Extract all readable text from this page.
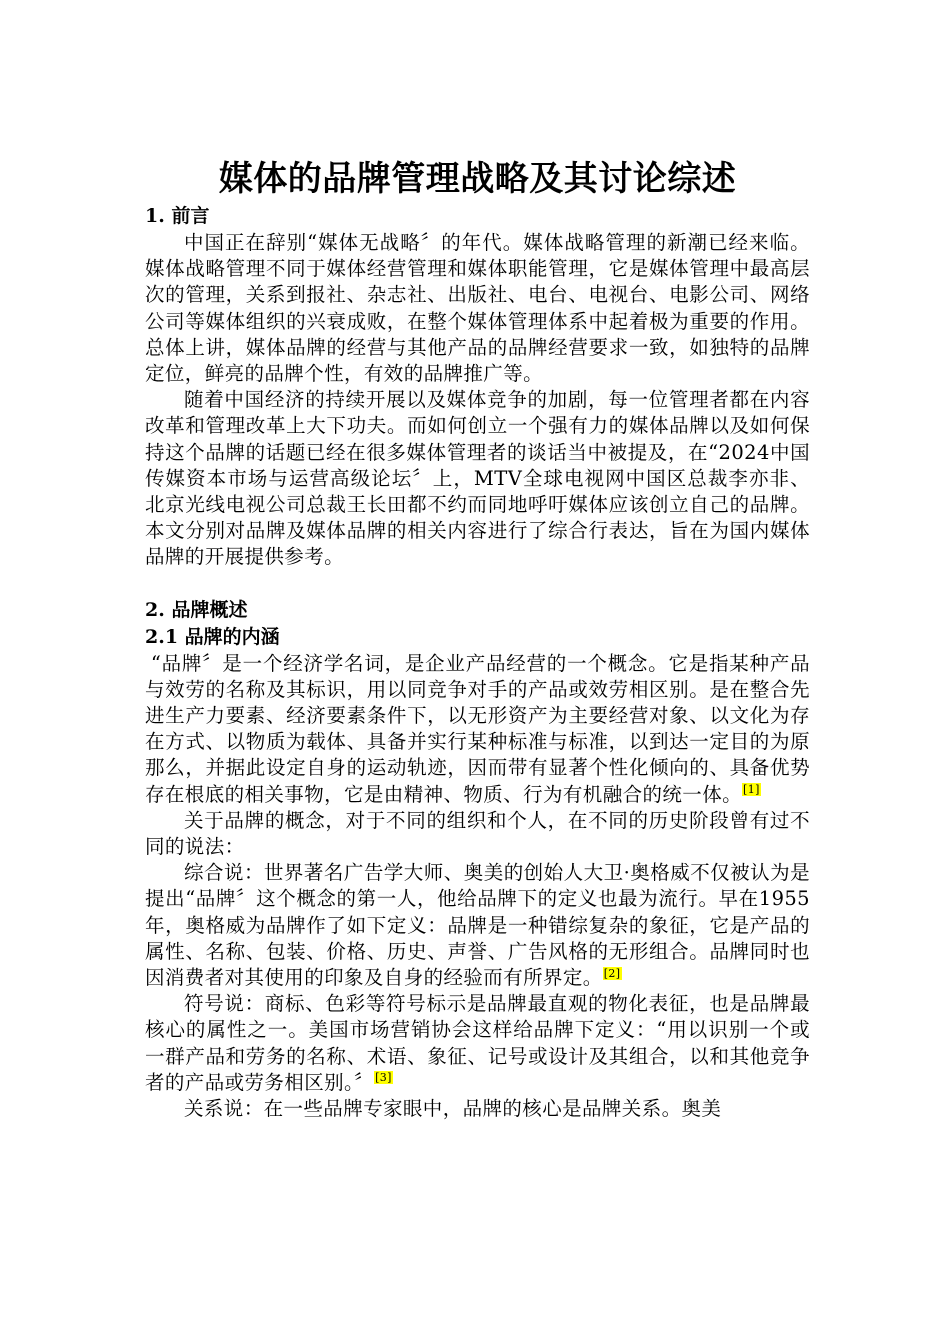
媒体的品牌管理战略及其讨论综述
1. 前言

中国正在辞别“媒体无战略〞的年代。媒体战略管理的新潮已经来临。媒体战略管理不同于媒体经营管理和媒体职能管理，它是媒体管理中最高层次的管理，关系到报社、杂志社、出版社、电台、电视台、电影公司、网络公司等媒体组织的兴衰成败，在整个媒体管理体系中起着极为重要的作用。总体上讲，媒体品牌的经营与其他产品的品牌经营要求一致，如独特的品牌定位，鲜亮的品牌个性，有效的品牌推广等。

随着中国经济的持续开展以及媒体竞争的加剧，每一位管理者都在内容改革和管理改革上大下功夫。而如何创立一个强有力的媒体品牌以及如何保持这个品牌的话题已经在很多媒体管理者的谈话当中被提及，在“2024中国传媒资本市场与运营高级论坛〞上，MTV全球电视网中国区总裁李亦非、北京光线电视公司总裁王长田都不约而同地呼吁媒体应该创立自己的品牌。本文分别对品牌及媒体品牌的相关内容进行了综合行表达，旨在为国内媒体品牌的开展提供参考。

2. 品牌概述
2.1 品牌的内涵

“品牌〞是一个经济学名词，是企业产品经营的一个概念。它是指某种产品与效劳的名称及其标识，用以同竞争对手的产品或效劳相区别。是在整合先进生产力要素、经济要素条件下，以无形资产为主要经营对象、以文化为存在方式、以物质为载体、具备并实行某种标准与标准，以到达一定目的为原那么，并据此设定自身的运动轨迹，因而带有显著个性化倾向的、具备优势存在根底的相关事物，它是由精神、物质、行为有机融合的统一体。[1]

关于品牌的概念，对于不同的组织和个人，在不同的历史阶段曾有过不同的说法：

综合说：世界著名广告学大师、奥美的创始人大卫·奥格威不仅被认为是提出“品牌〞这个概念的第一人，他给品牌下的定义也最为流行。早在1955年，奥格威为品牌作了如下定义：品牌是一种错综复杂的象征，它是产品的属性、名称、包装、价格、历史、声誉、广告风格的无形组合。品牌同时也因消费者对其使用的印象及自身的经验而有所界定。[2]

符号说：商标、色彩等符号标示是品牌最直观的物化表征，也是品牌最核心的属性之一。美国市场营销协会这样给品牌下定义：“用以识别一个或一群产品和劳务的名称、术语、象征、记号或设计及其组合，以和其他竞争者的产品或劳务相区别。〞[3]

关系说：在一些品牌专家眼中，品牌的核心是品牌关系。奥美
